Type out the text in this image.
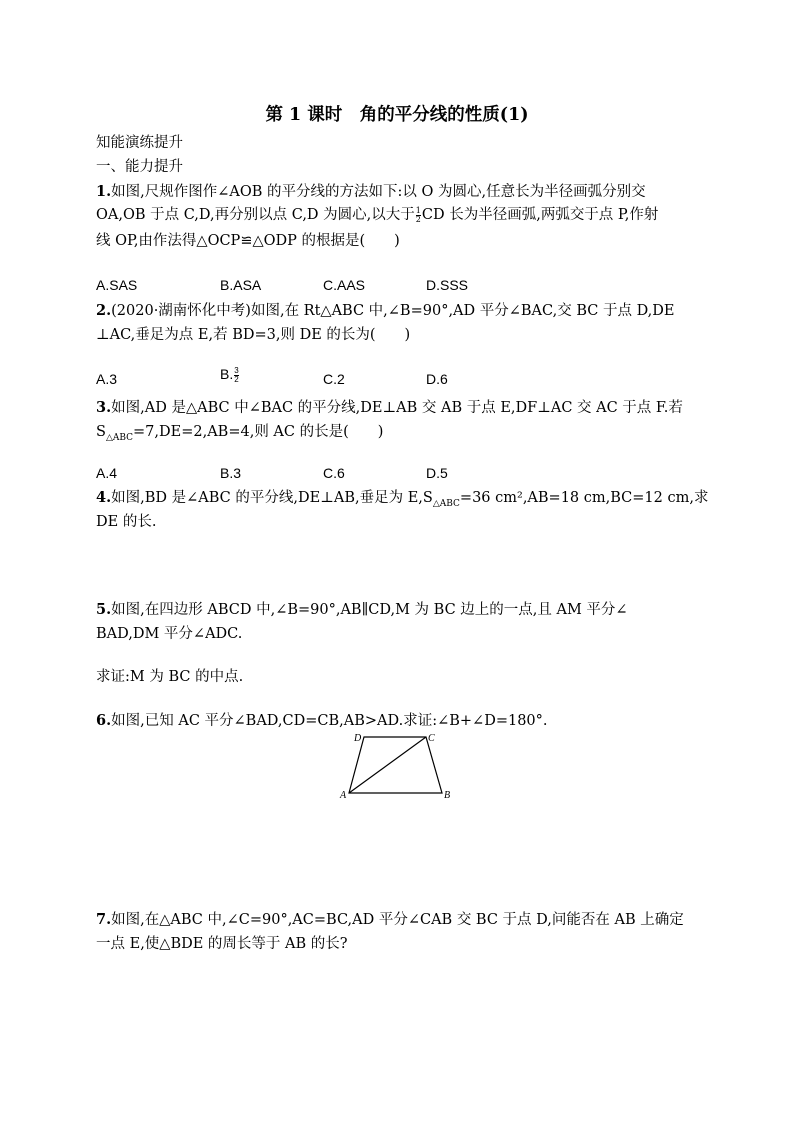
第 1 课时　角的平分线的性质(1)
知能演练提升
一、能力提升
1.如图,尺规作图作∠AOB 的平分线的方法如下:以 O 为圆心,任意长为半径画弧分别交
OA,OB 于点 C,D,再分别以点 C,D 为圆心,以大于 $\frac{1}{2}$ CD 长为半径画弧,两弧交于点 P,作射
线 OP,由作法得△OCP≌△ODP 的根据是(　　)
A.SAS	B.ASA	C.AAS	D.SSS
2.(2020·湖南怀化中考)如图,在 Rt△ABC 中,∠B=90°,AD 平分∠BAC,交 BC 于点 D,DE
⊥AC,垂足为点 E,若 BD=3,则 DE 的长为(　　)
A.3	B. $\frac{3}{2}$	C.2	D.6
3.如图,AD 是△ABC 中∠BAC 的平分线,DE⊥AB 交 AB 于点 E,DF⊥AC 交 AC 于点 F.若
$S_{\triangle ABC}=7,DE=2,AB=4$,则 AC 的长是(　　)
A.4	B.3	C.6	D.5
4.如图,BD 是∠ABC 的平分线,DE⊥AB,垂足为 $E,S_{\triangle ABC}=36$ cm²,AB=18 cm,BC=12 cm,求
DE 的长.
5.如图,在四边形 ABCD 中,∠B=90°,AB∥CD,M 为 BC 边上的一点,且 AM 平分∠
BAD,DM 平分∠ADC.
求证:M 为 BC 的中点.
6.如图,已知 AC 平分∠BAD,CD=CB,AB>AD.求证:∠B+∠D=180°.
D	C
A	B
7.如图,在△ABC 中,∠C=90°,AC=BC,AD 平分∠CAB 交 BC 于点 D,问能否在 AB 上确定
一点 E,使△BDE 的周长等于 AB 的长?
